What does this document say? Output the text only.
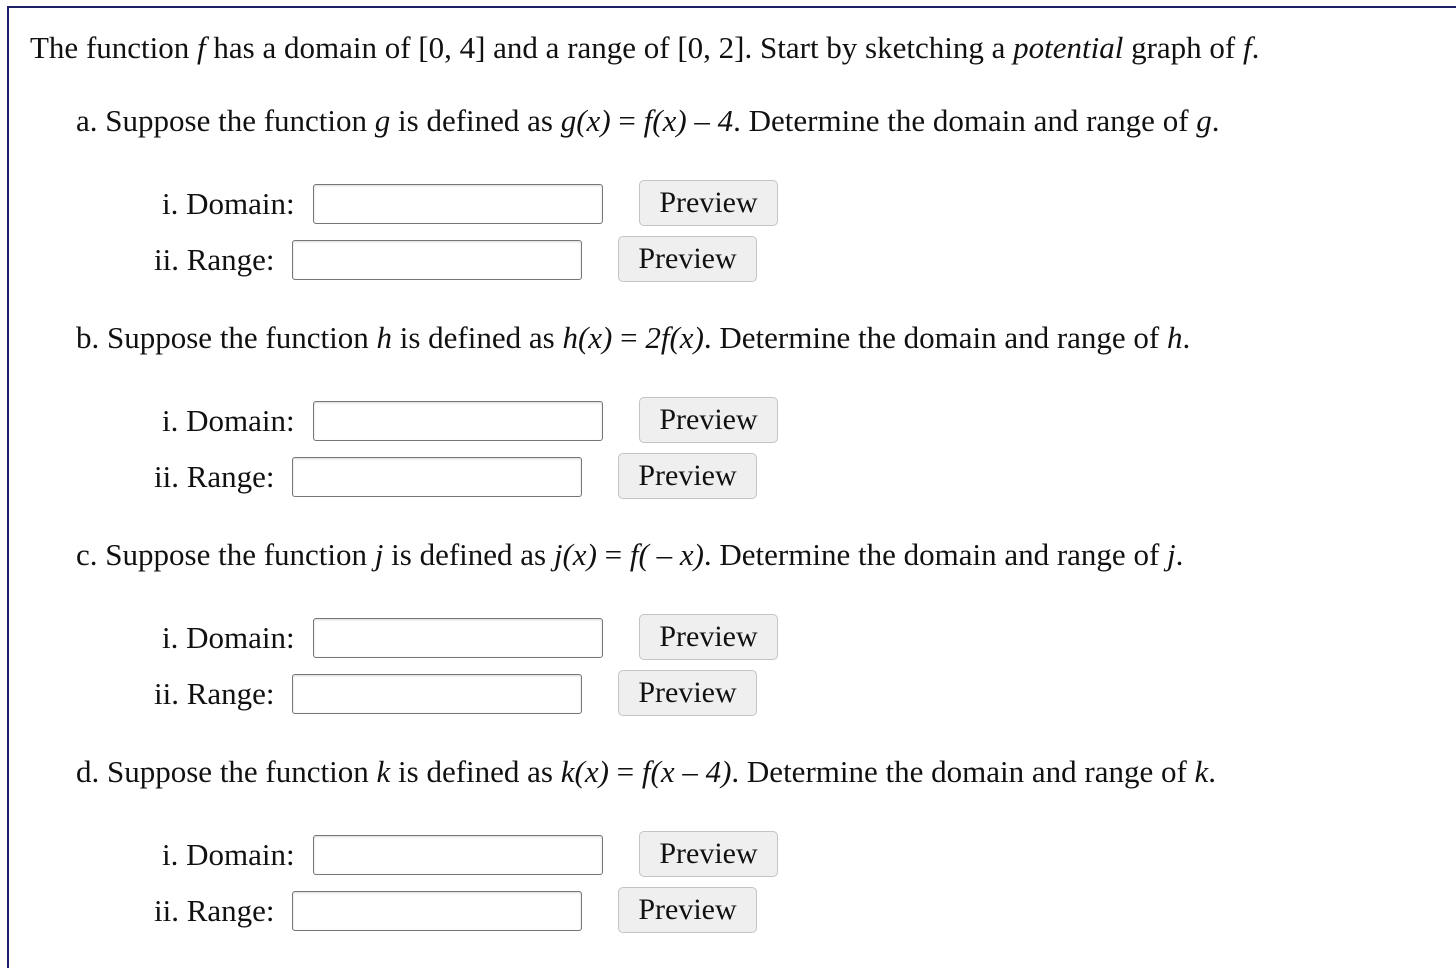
The function f has a domain of [0, 4] and a range of [0, 2]. Start by sketching a potential graph of f.
a. Suppose the function g is defined as g(x) = f(x) – 4. Determine the domain and range of g.
i. Domain:	Preview
ii. Range:	Preview
b. Suppose the function h is defined as h(x) = 2f(x). Determine the domain and range of h.
i. Domain:	Preview
ii. Range:	Preview
c. Suppose the function j is defined as j(x) = f( – x). Determine the domain and range of j.
i. Domain:	Preview
ii. Range:	Preview
d. Suppose the function k is defined as k(x) = f(x – 4). Determine the domain and range of k.
i. Domain:	Preview
ii. Range:	Preview
